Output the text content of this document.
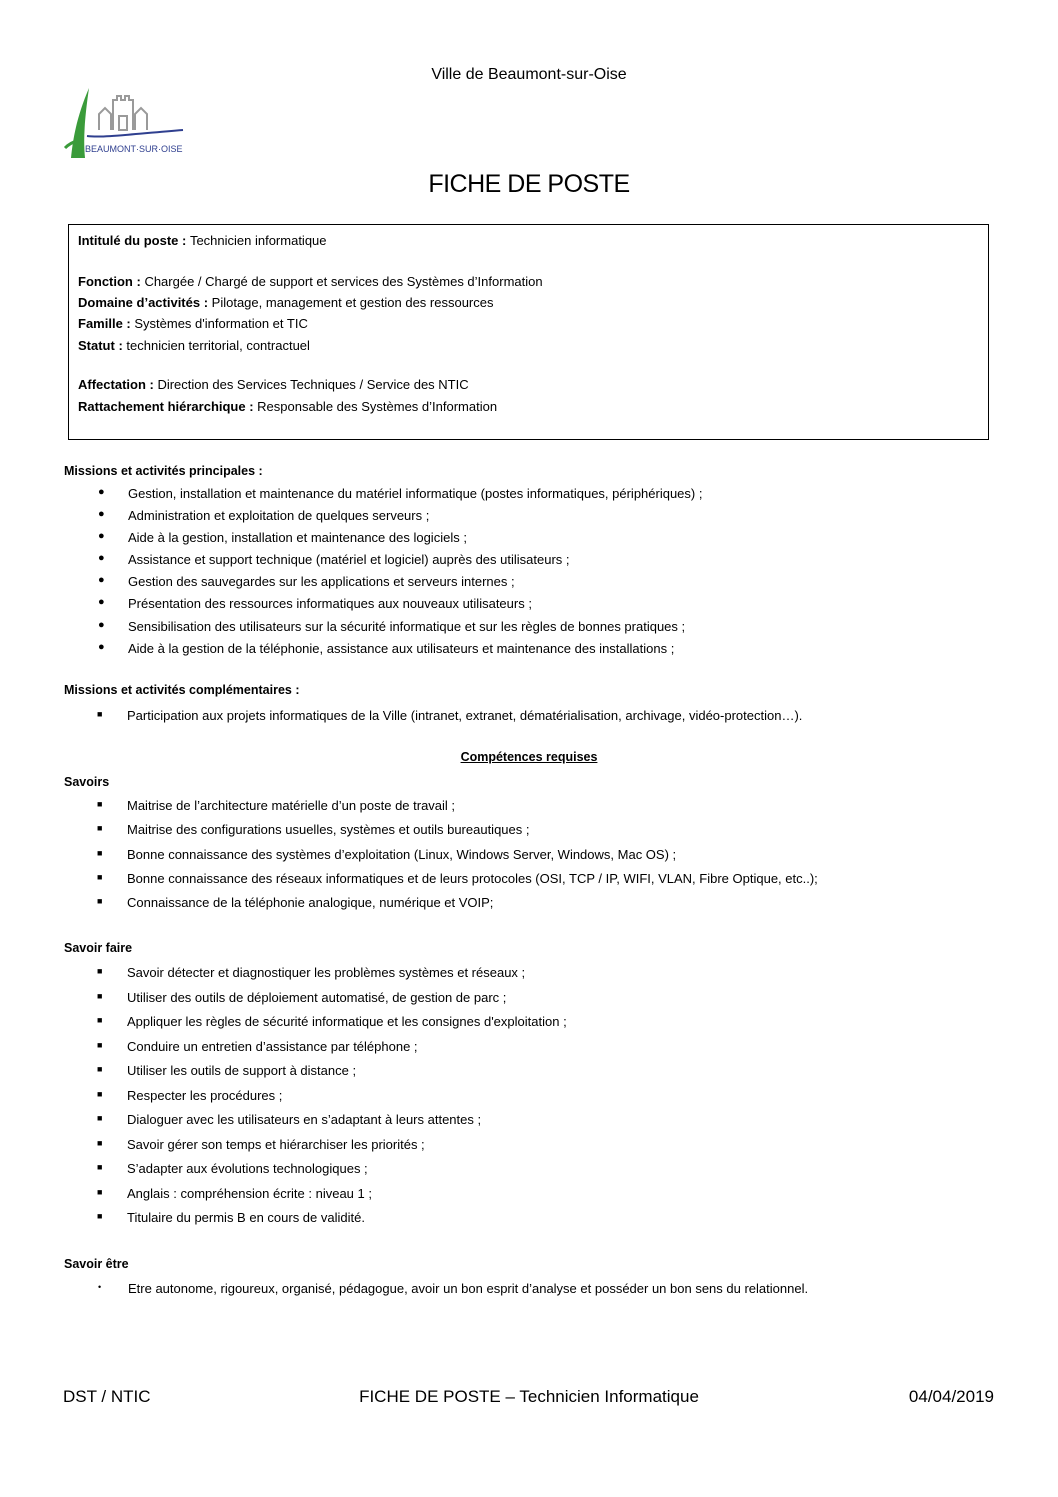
Ville de Beaumont-sur-Oise
BEAUMONT·SUR·OISE
FICHE DE POSTE
Intitulé du poste : Technicien informatique
Fonction : Chargée / Chargé de support et services des Systèmes d’Information
Domaine d’activités : Pilotage, management et gestion des ressources
Famille : Systèmes d'information et TIC
Statut : technicien territorial, contractuel
Affectation : Direction des Services Techniques / Service des NTIC
Rattachement hiérarchique : Responsable des Systèmes d’Information
Missions et activités principales :
● Gestion, installation et maintenance du matériel informatique (postes informatiques, périphériques) ;
● Administration et exploitation de quelques serveurs ;
● Aide à la gestion, installation et maintenance des logiciels ;
● Assistance et support technique (matériel et logiciel) auprès des utilisateurs ;
● Gestion des sauvegardes sur les applications et serveurs internes ;
● Présentation des ressources informatiques aux nouveaux utilisateurs ;
● Sensibilisation des utilisateurs sur la sécurité informatique et sur les règles de bonnes pratiques ;
● Aide à la gestion de la téléphonie, assistance aux utilisateurs et maintenance des installations ;
Missions et activités complémentaires :
■ Participation aux projets informatiques de la Ville (intranet, extranet, dématérialisation, archivage, vidéo-protection…).
Compétences requises
Savoirs
■ Maitrise de l’architecture matérielle d’un poste de travail ;
■ Maitrise des configurations usuelles, systèmes et outils bureautiques ;
■ Bonne connaissance des systèmes d’exploitation (Linux, Windows Server, Windows, Mac OS) ;
■ Bonne connaissance des réseaux informatiques et de leurs protocoles (OSI, TCP / IP, WIFI, VLAN, Fibre Optique, etc..);
■ Connaissance de la téléphonie analogique, numérique et VOIP;
Savoir faire
■ Savoir détecter et diagnostiquer les problèmes systèmes et réseaux ;
■ Utiliser des outils de déploiement automatisé, de gestion de parc ;
■ Appliquer les règles de sécurité informatique et les consignes d'exploitation ;
■ Conduire un entretien d’assistance par téléphone ;
■ Utiliser les outils de support à distance ;
■ Respecter les procédures ;
■ Dialoguer avec les utilisateurs en s’adaptant à leurs attentes ;
■ Savoir gérer son temps et hiérarchiser les priorités ;
■ S’adapter aux évolutions technologiques ;
■ Anglais : compréhension écrite : niveau 1 ;
■ Titulaire du permis B en cours de validité.
Savoir être
• Etre autonome, rigoureux, organisé, pédagogue, avoir un bon esprit d’analyse et posséder un bon sens du relationnel.
DST / NTIC	FICHE DE POSTE – Technicien Informatique	04/04/2019
